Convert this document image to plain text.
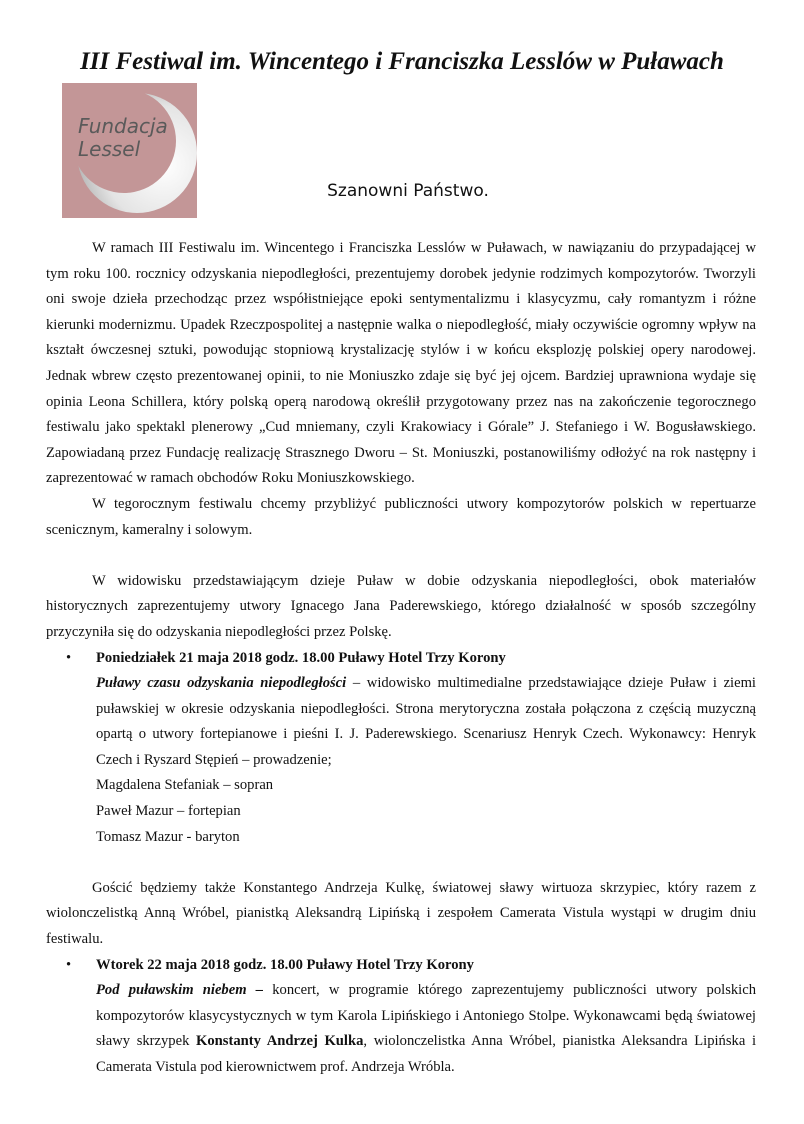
III Festiwal im. Wincentego i Franciszka Lesslów w Puławach
Fundacja
Lessel
Szanowni Państwo.

W ramach III Festiwalu im. Wincentego i Franciszka Lesslów w Puławach, w nawiązaniu do przypadającej w tym roku 100. rocznicy odzyskania niepodległości, prezentujemy dorobek jedynie rodzimych kompozytorów. Tworzyli oni swoje dzieła przechodząc przez współistniejące epoki sentymentalizmu i klasycyzmu, cały romantyzm i różne kierunki modernizmu. Upadek Rzeczpospolitej a następnie walka o niepodległość, miały oczywiście ogromny wpływ na kształt ówczesnej sztuki, powodując stopniową krystalizację stylów i w końcu eksplozję polskiej opery narodowej. Jednak wbrew często prezentowanej opinii, to nie Moniuszko zdaje się być jej ojcem. Bardziej uprawniona wydaje się opinia Leona Schillera, który polską operą narodową określił przygotowany przez nas na zakończenie tegorocznego festiwalu jako spektakl plenerowy „Cud mniemany, czyli Krakowiacy i Górale” J. Stefaniego i W. Bogusławskiego. Zapowiadaną przez Fundację realizację Strasznego Dworu – St. Moniuszki, postanowiliśmy odłożyć na rok następny i zaprezentować w ramach obchodów Roku Moniuszkowskiego.

W tegorocznym festiwalu chcemy przybliżyć publiczności utwory kompozytorów polskich w repertuarze scenicznym, kameralny i solowym.

W widowisku przedstawiającym dzieje Puław w dobie odzyskania niepodległości, obok materiałów historycznych zaprezentujemy utwory Ignacego Jana Paderewskiego, którego działalność w sposób szczególny przyczyniła się do odzyskania niepodległości przez Polskę.

• Poniedziałek 21 maja 2018 godz. 18.00 Puławy Hotel Trzy Korony

Puławy czasu odzyskania niepodległości – widowisko multimedialne przedstawiające dzieje Puław i ziemi puławskiej w okresie odzyskania niepodległości. Strona merytoryczna została połączona z częścią muzyczną opartą o utwory fortepianowe i pieśni I. J. Paderewskiego. Scenariusz Henryk Czech. Wykonawcy: Henryk Czech i Ryszard Stępień – prowadzenie;

Magdalena Stefaniak – sopran

Paweł Mazur – fortepian

Tomasz Mazur - baryton

Gościć będziemy także Konstantego Andrzeja Kulkę, światowej sławy wirtuoza skrzypiec, który razem z wiolonczelistką Anną Wróbel, pianistką Aleksandrą Lipińską i zespołem Camerata Vistula wystąpi w drugim dniu festiwalu.

• Wtorek 22 maja 2018 godz. 18.00 Puławy Hotel Trzy Korony

Pod puławskim niebem – koncert, w programie którego zaprezentujemy publiczności utwory polskich kompozytorów klasycystycznych w tym Karola Lipińskiego i Antoniego Stolpe. Wykonawcami będą światowej sławy skrzypek Konstanty Andrzej Kulka, wiolonczelistka Anna Wróbel, pianistka Aleksandra Lipińska i Camerata Vistula pod kierownictwem prof. Andrzeja Wróbla.
